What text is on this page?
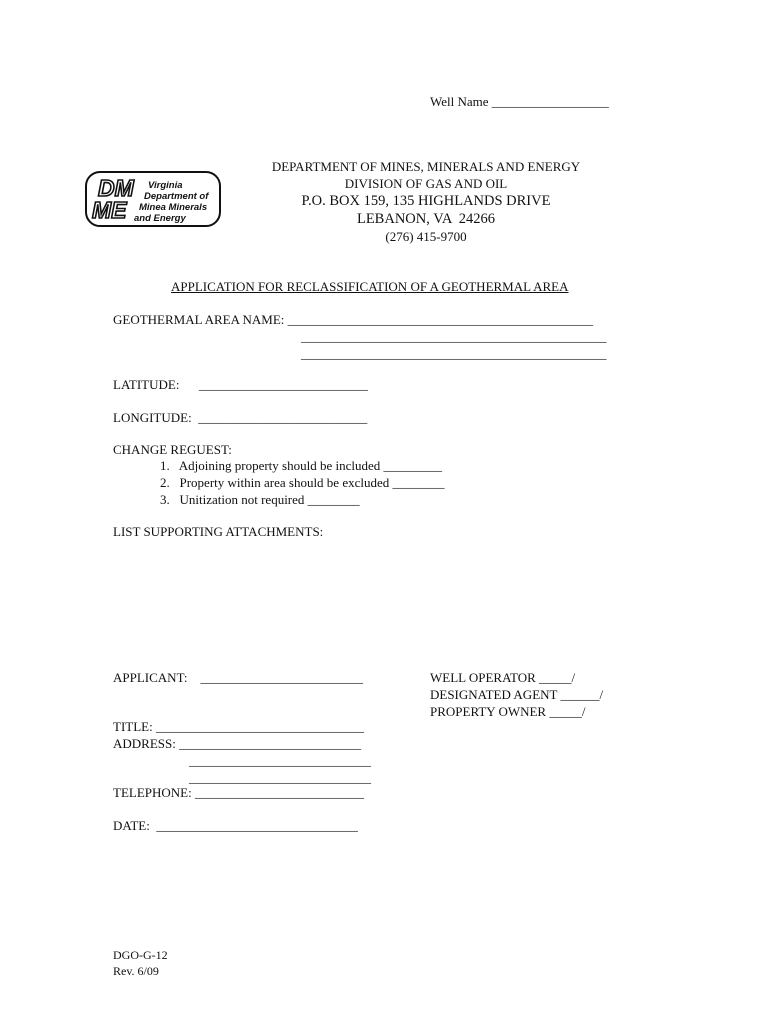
Well Name __________________
DM
ME
Virginia
Department of
Minea Minerals
and Energy
DEPARTMENT OF MINES, MINERALS AND ENERGY
DIVISION OF GAS AND OIL
P.O. BOX 159, 135 HIGHLANDS DRIVE
LEBANON, VA  24266
(276) 415-9700
APPLICATION FOR RECLASSIFICATION OF A GEOTHERMAL AREA
GEOTHERMAL AREA NAME: _______________________________________________
_______________________________________________
_______________________________________________
LATITUDE:      __________________________
LONGITUDE:  __________________________
CHANGE REGUEST:
1.   Adjoining property should be included _________
2.   Property within area should be excluded ________
3.   Unitization not required ________
LIST SUPPORTING ATTACHMENTS:
APPLICANT:    _________________________	WELL OPERATOR _____/
DESIGNATED AGENT ______/
PROPERTY OWNER _____/
TITLE: ________________________________
ADDRESS: ____________________________
____________________________
____________________________
TELEPHONE: __________________________
DATE:  _______________________________
DGO-G-12
Rev. 6/09
